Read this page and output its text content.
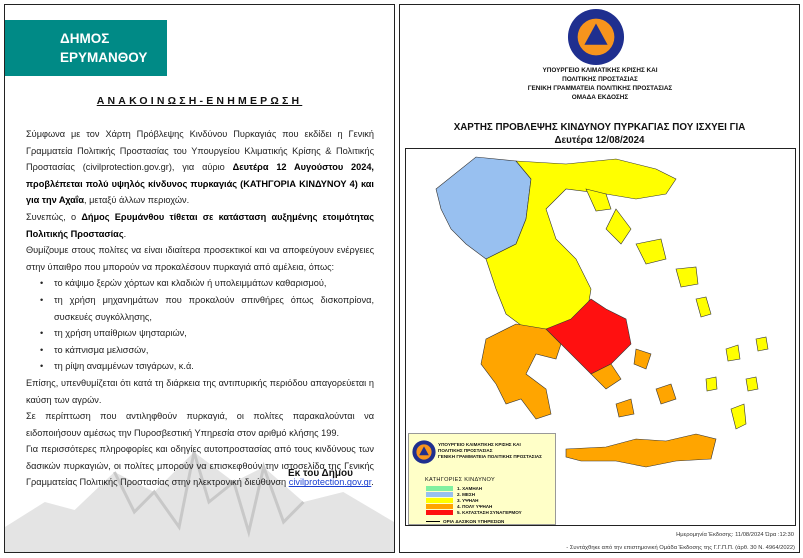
ΔΗΜΟΣ
ΕΡΥΜΑΝΘΟΥ
ΑΝΑΚΟΙΝΩΣΗ-ΕΝΗΜΕΡΩΣΗ

Σύμφωνα με τον Χάρτη Πρόβλεψης Κινδύνου Πυρκαγιάς που εκδίδει η Γενική Γραμματεία Πολιτικής Προστασίας του Υπουργείου Κλιματικής Κρίσης & Πολιτικής Προστασίας (civilprotection.gov.gr), για αύριο Δευτέρα 12 Αυγούστου 2024, προβλέπεται πολύ υψηλός κίνδυνος πυρκαγιάς (ΚΑΤΗΓΟΡΙΑ ΚΙΝΔΥΝΟΥ 4) και για την Αχαΐα, μεταξύ άλλων περιοχών.

Συνεπώς, ο Δήμος Ερυμάνθου τίθεται σε κατάσταση αυξημένης ετοιμότητας Πολιτικής Προστασίας.

Θυμίζουμε στους πολίτες να είναι ιδιαίτερα προσεκτικοί και να αποφεύγουν ενέργειες στην ύπαιθρο που μπορούν να προκαλέσουν πυρκαγιά από αμέλεια, όπως:

• το κάψιμο ξερών χόρτων και κλαδιών ή υπολειμμάτων καθαρισμού,
• τη χρήση μηχανημάτων που προκαλούν σπινθήρες όπως δισκοπρίονα, συσκευές συγκόλλησης,
• τη χρήση υπαίθριων ψησταριών,
• το κάπνισμα μελισσών,
• τη ρίψη αναμμένων τσιγάρων, κ.ά.

Επίσης, υπενθυμίζεται ότι κατά τη διάρκεια της αντιπυρικής περιόδου απαγορεύεται η καύση των αγρών.

Σε περίπτωση που αντιληφθούν πυρκαγιά, οι πολίτες παρακαλούνται να ειδοποιήσουν αμέσως την Πυροσβεστική Υπηρεσία στον αριθμό κλήσης 199.

Για περισσότερες πληροφορίες και οδηγίες αυτοπροστασίας από τους κινδύνους των δασικών πυρκαγιών, οι πολίτες μπορούν να επισκεφθούν την ιστοσελίδα της Γενικής Γραμματείας Πολιτικής Προστασίας στην ηλεκτρονική διεύθυνση civilprotection.gov.gr.

Εκ του Δήμου
ΥΠΟΥΡΓΕΙΟ ΚΛΙΜΑΤΙΚΗΣ ΚΡΙΣΗΣ ΚΑΙ
ΠΟΛΙΤΙΚΗΣ ΠΡΟΣΤΑΣΙΑΣ
ΓΕΝΙΚΗ ΓΡΑΜΜΑΤΕΙΑ ΠΟΛΙΤΙΚΗΣ ΠΡΟΣΤΑΣΙΑΣ
ΟΜΑΔΑ ΕΚΔΟΣΗΣ
ΧΑΡΤΗΣ ΠΡΟΒΛΕΨΗΣ ΚΙΝΔΥΝΟΥ ΠΥΡΚΑΓΙΑΣ ΠΟΥ ΙΣΧΥΕΙ ΓΙΑ
Δευτέρα 12/08/2024
ΥΠΟΥΡΓΕΙΟ ΚΛΙΜΑΤΙΚΗΣ ΚΡΙΣΗΣ ΚΑΙ
ΠΟΛΙΤΙΚΗΣ ΠΡΟΣΤΑΣΙΑΣ
ΓΕΝΙΚΗ ΓΡΑΜΜΑΤΕΙΑ ΠΟΛΙΤΙΚΗΣ ΠΡΟΣΤΑΣΙΑΣ
ΚΑΤΗΓΟΡΙΕΣ ΚΙΝΔΥΝΟΥ
1. ΧΑΜΗΛΗ
2. ΜΕΣΗ
3. ΥΨΗΛΗ
4. ΠΟΛΥ ΥΨΗΛΗ
5. ΚΑΤΑΣΤΑΣΗ ΣΥΝΑΓΕΡΜΟΥ
ΟΡΙΑ ΔΑΣΙΚΩΝ ΥΠΗΡΕΣΙΩΝ
Ημερομηνία Έκδοσης: 11/08/2024 Ώρα :12:30
- Συντάχθηκε από την επιστημονική Ομάδα Έκδοσης της Γ.Γ.Π.Π. (άρθ. 30 Ν. 4964/2022)
